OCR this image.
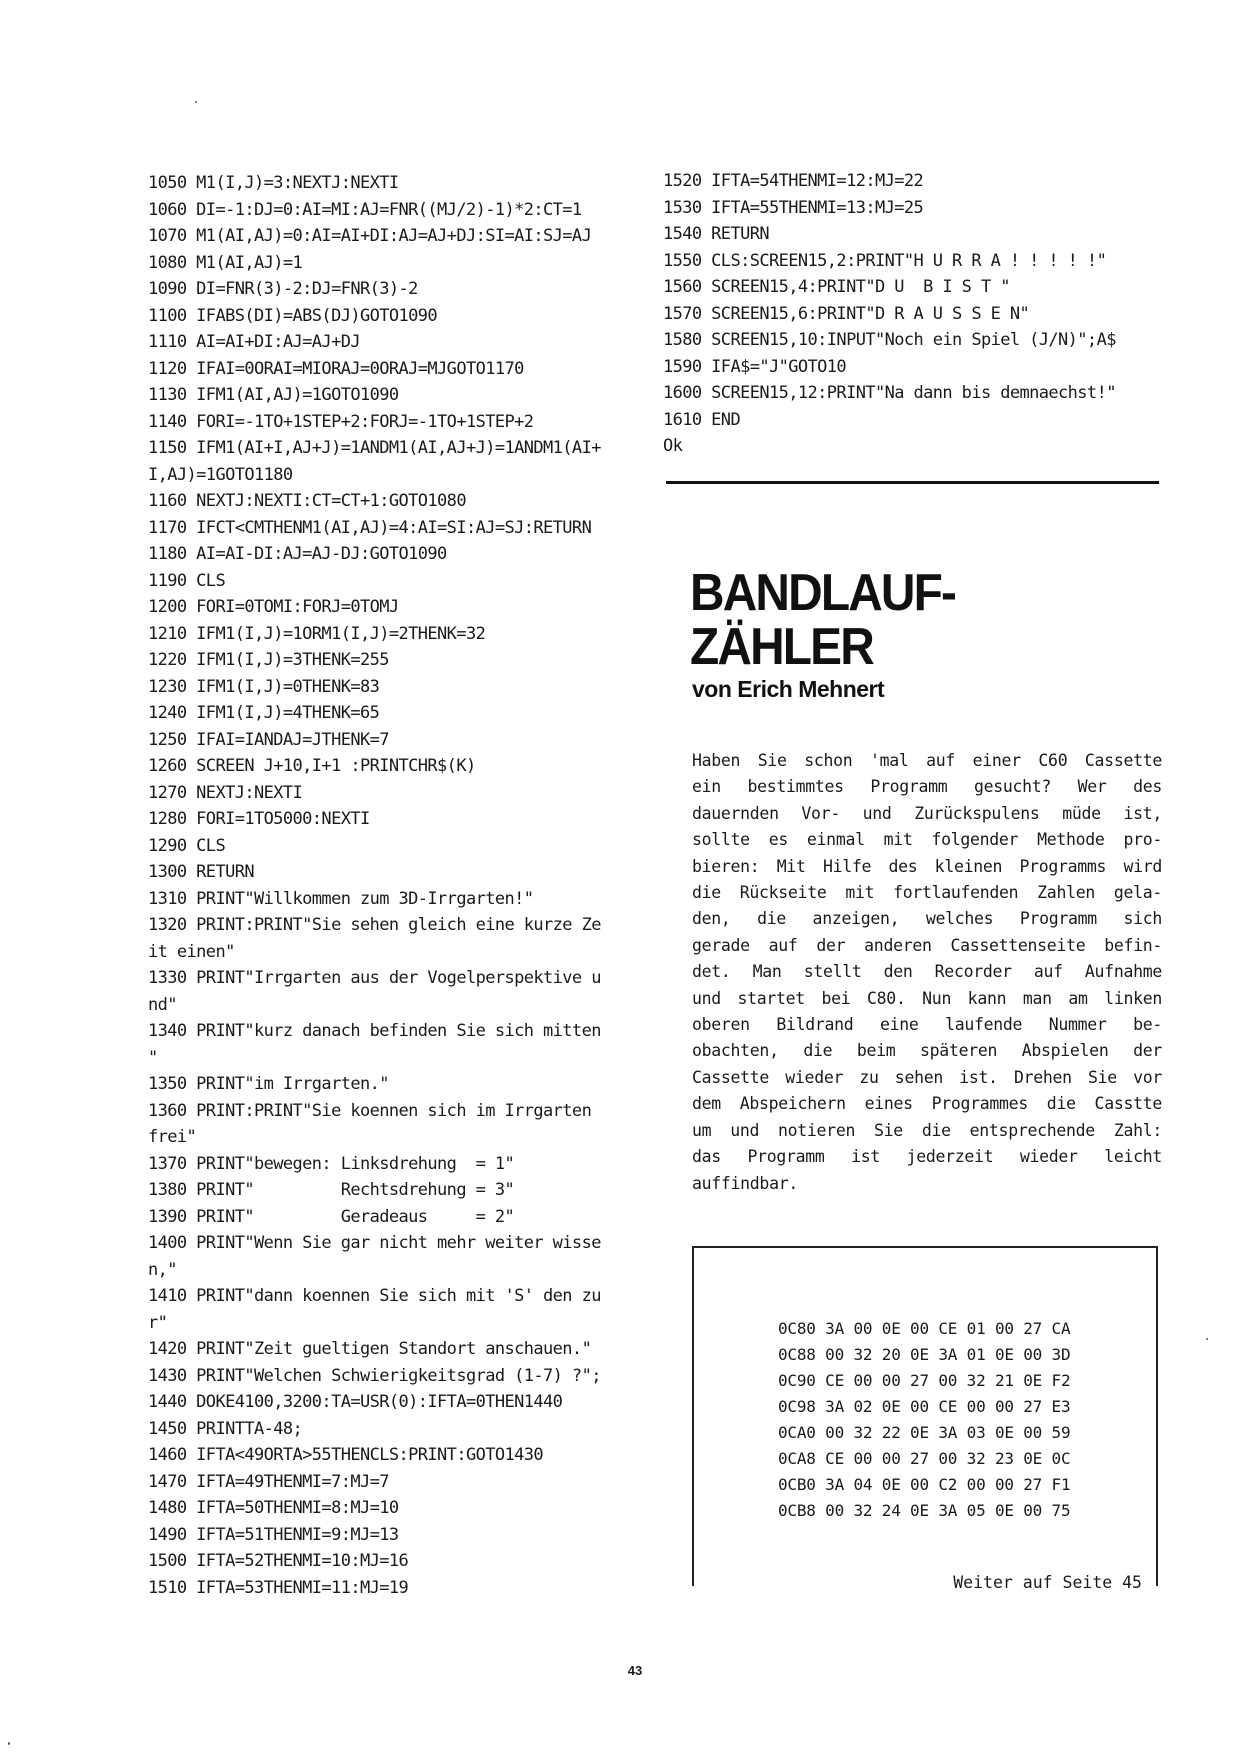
1050 M1(I,J)=3:NEXTJ:NEXTI
1060 DI=-1:DJ=0:AI=MI:AJ=FNR((MJ/2)-1)*2:CT=1
1070 M1(AI,AJ)=0:AI=AI+DI:AJ=AJ+DJ:SI=AI:SJ=AJ
1080 M1(AI,AJ)=1
1090 DI=FNR(3)-2:DJ=FNR(3)-2
1100 IFABS(DI)=ABS(DJ)GOTO1090
1110 AI=AI+DI:AJ=AJ+DJ
1120 IFAI=0ORAI=MIORAJ=0ORAJ=MJGOTO1170
1130 IFM1(AI,AJ)=1GOTO1090
1140 FORI=-1TO+1STEP+2:FORJ=-1TO+1STEP+2
1150 IFM1(AI+I,AJ+J)=1ANDM1(AI,AJ+J)=1ANDM1(AI+
I,AJ)=1GOTO1180
1160 NEXTJ:NEXTI:CT=CT+1:GOTO1080
1170 IFCT<CMTHENM1(AI,AJ)=4:AI=SI:AJ=SJ:RETURN
1180 AI=AI-DI:AJ=AJ-DJ:GOTO1090
1190 CLS
1200 FORI=0TOMI:FORJ=0TOMJ
1210 IFM1(I,J)=1ORM1(I,J)=2THENK=32
1220 IFM1(I,J)=3THENK=255
1230 IFM1(I,J)=0THENK=83
1240 IFM1(I,J)=4THENK=65
1250 IFAI=IANDAJ=JTHENK=7
1260 SCREEN J+10,I+1 :PRINTCHR$(K)
1270 NEXTJ:NEXTI
1280 FORI=1TO5000:NEXTI
1290 CLS
1300 RETURN
1310 PRINT"Willkommen zum 3D-Irrgarten!"
1320 PRINT:PRINT"Sie sehen gleich eine kurze Ze
it einen"
1330 PRINT"Irrgarten aus der Vogelperspektive u
nd"
1340 PRINT"kurz danach befinden Sie sich mitten
"
1350 PRINT"im Irrgarten."
1360 PRINT:PRINT"Sie koennen sich im Irrgarten
frei"
1370 PRINT"bewegen: Linksdrehung  = 1"
1380 PRINT"         Rechtsdrehung = 3"
1390 PRINT"         Geradeaus     = 2"
1400 PRINT"Wenn Sie gar nicht mehr weiter wisse
n,"
1410 PRINT"dann koennen Sie sich mit 'S' den zu
r"
1420 PRINT"Zeit gueltigen Standort anschauen."
1430 PRINT"Welchen Schwierigkeitsgrad (1-7) ?";
1440 DOKE4100,3200:TA=USR(0):IFTA=0THEN1440
1450 PRINTTA-48;
1460 IFTA<49ORTA>55THENCLS:PRINT:GOTO1430
1470 IFTA=49THENMI=7:MJ=7
1480 IFTA=50THENMI=8:MJ=10
1490 IFTA=51THENMI=9:MJ=13
1500 IFTA=52THENMI=10:MJ=16
1510 IFTA=53THENMI=11:MJ=19
1520 IFTA=54THENMI=12:MJ=22
1530 IFTA=55THENMI=13:MJ=25
1540 RETURN
1550 CLS:SCREEN15,2:PRINT"H U R R A ! ! ! ! !"
1560 SCREEN15,4:PRINT"D U  B I S T "
1570 SCREEN15,6:PRINT"D R A U S S E N"
1580 SCREEN15,10:INPUT"Noch ein Spiel (J/N)";A$
1590 IFA$="J"GOTO10
1600 SCREEN15,12:PRINT"Na dann bis demnaechst!"
1610 END
Ok
BANDLAUF-
ZÄHLER
von Erich Mehnert
Haben Sie schon 'mal auf einer C60 Cassette
ein bestimmtes Programm gesucht? Wer des
dauernden Vor- und Zurückspulens müde ist,
sollte es einmal mit folgender Methode pro-
bieren: Mit Hilfe des kleinen Programms wird
die Rückseite mit fortlaufenden Zahlen gela-
den, die anzeigen, welches Programm sich
gerade auf der anderen Cassettenseite befin-
det. Man stellt den Recorder auf Aufnahme
und startet bei C80. Nun kann man am linken
oberen Bildrand eine laufende Nummer be-
obachten, die beim späteren Abspielen der
Cassette wieder zu sehen ist. Drehen Sie vor
dem Abspeichern eines Programmes die Casstte
um und notieren Sie die entsprechende Zahl:
das Programm ist jederzeit wieder leicht
auffindbar.
0C80 3A 00 0E 00 CE 01 00 27 CA
0C88 00 32 20 0E 3A 01 0E 00 3D
0C90 CE 00 00 27 00 32 21 0E F2
0C98 3A 02 0E 00 CE 00 00 27 E3
0CA0 00 32 22 0E 3A 03 0E 00 59
0CA8 CE 00 00 27 00 32 23 0E 0C
0CB0 3A 04 0E 00 C2 00 00 27 F1
0CB8 00 32 24 0E 3A 05 0E 00 75
Weiter auf Seite 45
43
